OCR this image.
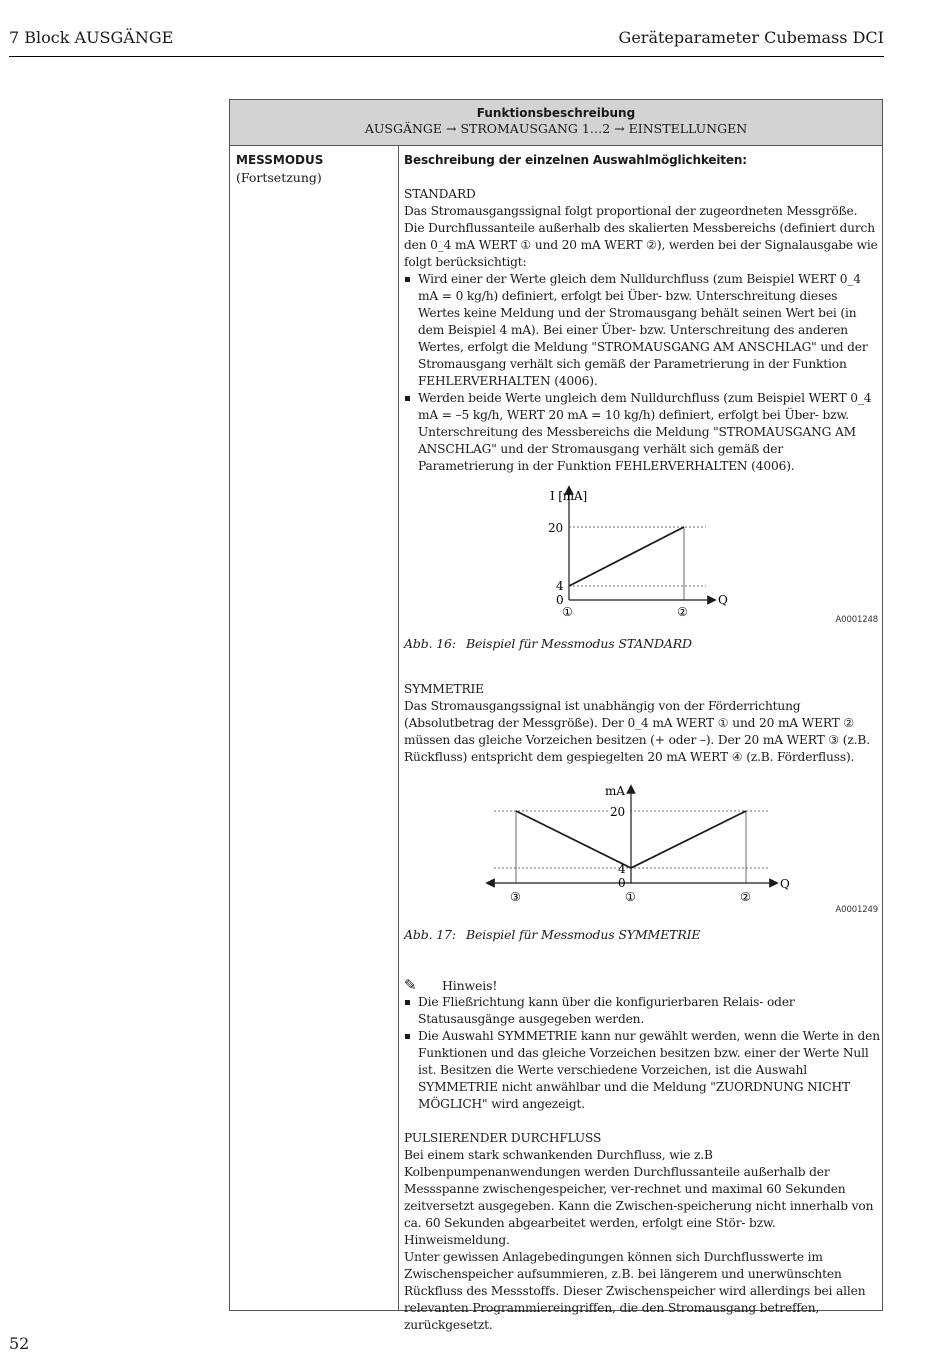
7 Block AUSGÄNGE	Geräteparameter Cubemass DCI
Funktionsbeschreibung
AUSGÄNGE → STROMAUSGANG 1…2 → EINSTELLUNGEN
MESSMODUS
(Fortsetzung)

Beschreibung der einzelnen Auswahlmöglichkeiten:

STANDARD

Das Stromausgangssignal folgt proportional der zugeordneten Messgröße.

Die Durchflussanteile außerhalb des skalierten Messbereichs (definiert durch den 0_4 mA WERT ① und 20 mA WERT ②), werden bei der Signalausgabe wie folgt berücksichtigt:

Wird einer der Werte gleich dem Nulldurchfluss (zum Beispiel WERT 0_4 mA = 0 kg/h) definiert, erfolgt bei Über- bzw. Unterschreitung dieses Wertes keine Meldung und der Stromausgang behält seinen Wert bei (in dem Beispiel 4 mA). Bei einer Über- bzw. Unterschreitung des anderen Wertes, erfolgt die Meldung "STROMAUSGANG AM ANSCHLAG" und der Stromausgang verhält sich gemäß der Parametrierung in der Funktion FEHLERVERHALTEN (4006).
Werden beide Werte ungleich dem Nulldurchfluss (zum Beispiel WERT 0_4 mA = –5 kg/h, WERT 20 mA = 10 kg/h) definiert, erfolgt bei Über- bzw. Unterschreitung des Messbereichs die Meldung "STROMAUSGANG AM ANSCHLAG" und der Stromausgang verhält sich gemäß der Parametrierung in der Funktion FEHLERVERHALTEN (4006).
I [mA]
20
4
0	Q
①	②
A0001248

Abb. 16: Beispiel für Messmodus STANDARD

SYMMETRIE

Das Stromausgangssignal ist unabhängig von der Förderrichtung (Absolutbetrag der Messgröße). Der 0_4 mA WERT ① und 20 mA WERT ② müssen das gleiche Vorzeichen besitzen (+ oder –). Der 20 mA WERT ③ (z.B. Rückfluss) entspricht dem gespiegelten 20 mA WERT ④ (z.B. Förderfluss).

mA
20
4
0	Q
③	①	②
A0001249

Abb. 17: Beispiel für Messmodus SYMMETRIE

✎ Hinweis!

Die Fließrichtung kann über die konfigurierbaren Relais- oder Statusausgänge ausgegeben werden.
Die Auswahl SYMMETRIE kann nur gewählt werden, wenn die Werte in den Funktionen und das gleiche Vorzeichen besitzen bzw. einer der Werte Null ist. Besitzen die Werte verschiedene Vorzeichen, ist die Auswahl SYMMETRIE nicht anwählbar und die Meldung "ZUORDNUNG NICHT MÖGLICH" wird angezeigt.

PULSIERENDER DURCHFLUSS

Bei einem stark schwankenden Durchfluss, wie z.B Kolbenpumpenanwendungen werden Durchflussanteile außerhalb der Messspanne zwischengespeicher, ver-rechnet und maximal 60 Sekunden zeitversetzt ausgegeben. Kann die Zwischen-speicherung nicht innerhalb von ca. 60 Sekunden abgearbeitet werden, erfolgt eine Stör- bzw. Hinweismeldung.

Unter gewissen Anlagebedingungen können sich Durchflusswerte im Zwischenspeicher aufsummieren, z.B. bei längerem und unerwünschten Rückfluss des Messstoffs. Dieser Zwischenspeicher wird allerdings bei allen relevanten Programmiereingriffen, die den Stromausgang betreffen, zurückgesetzt.

52
